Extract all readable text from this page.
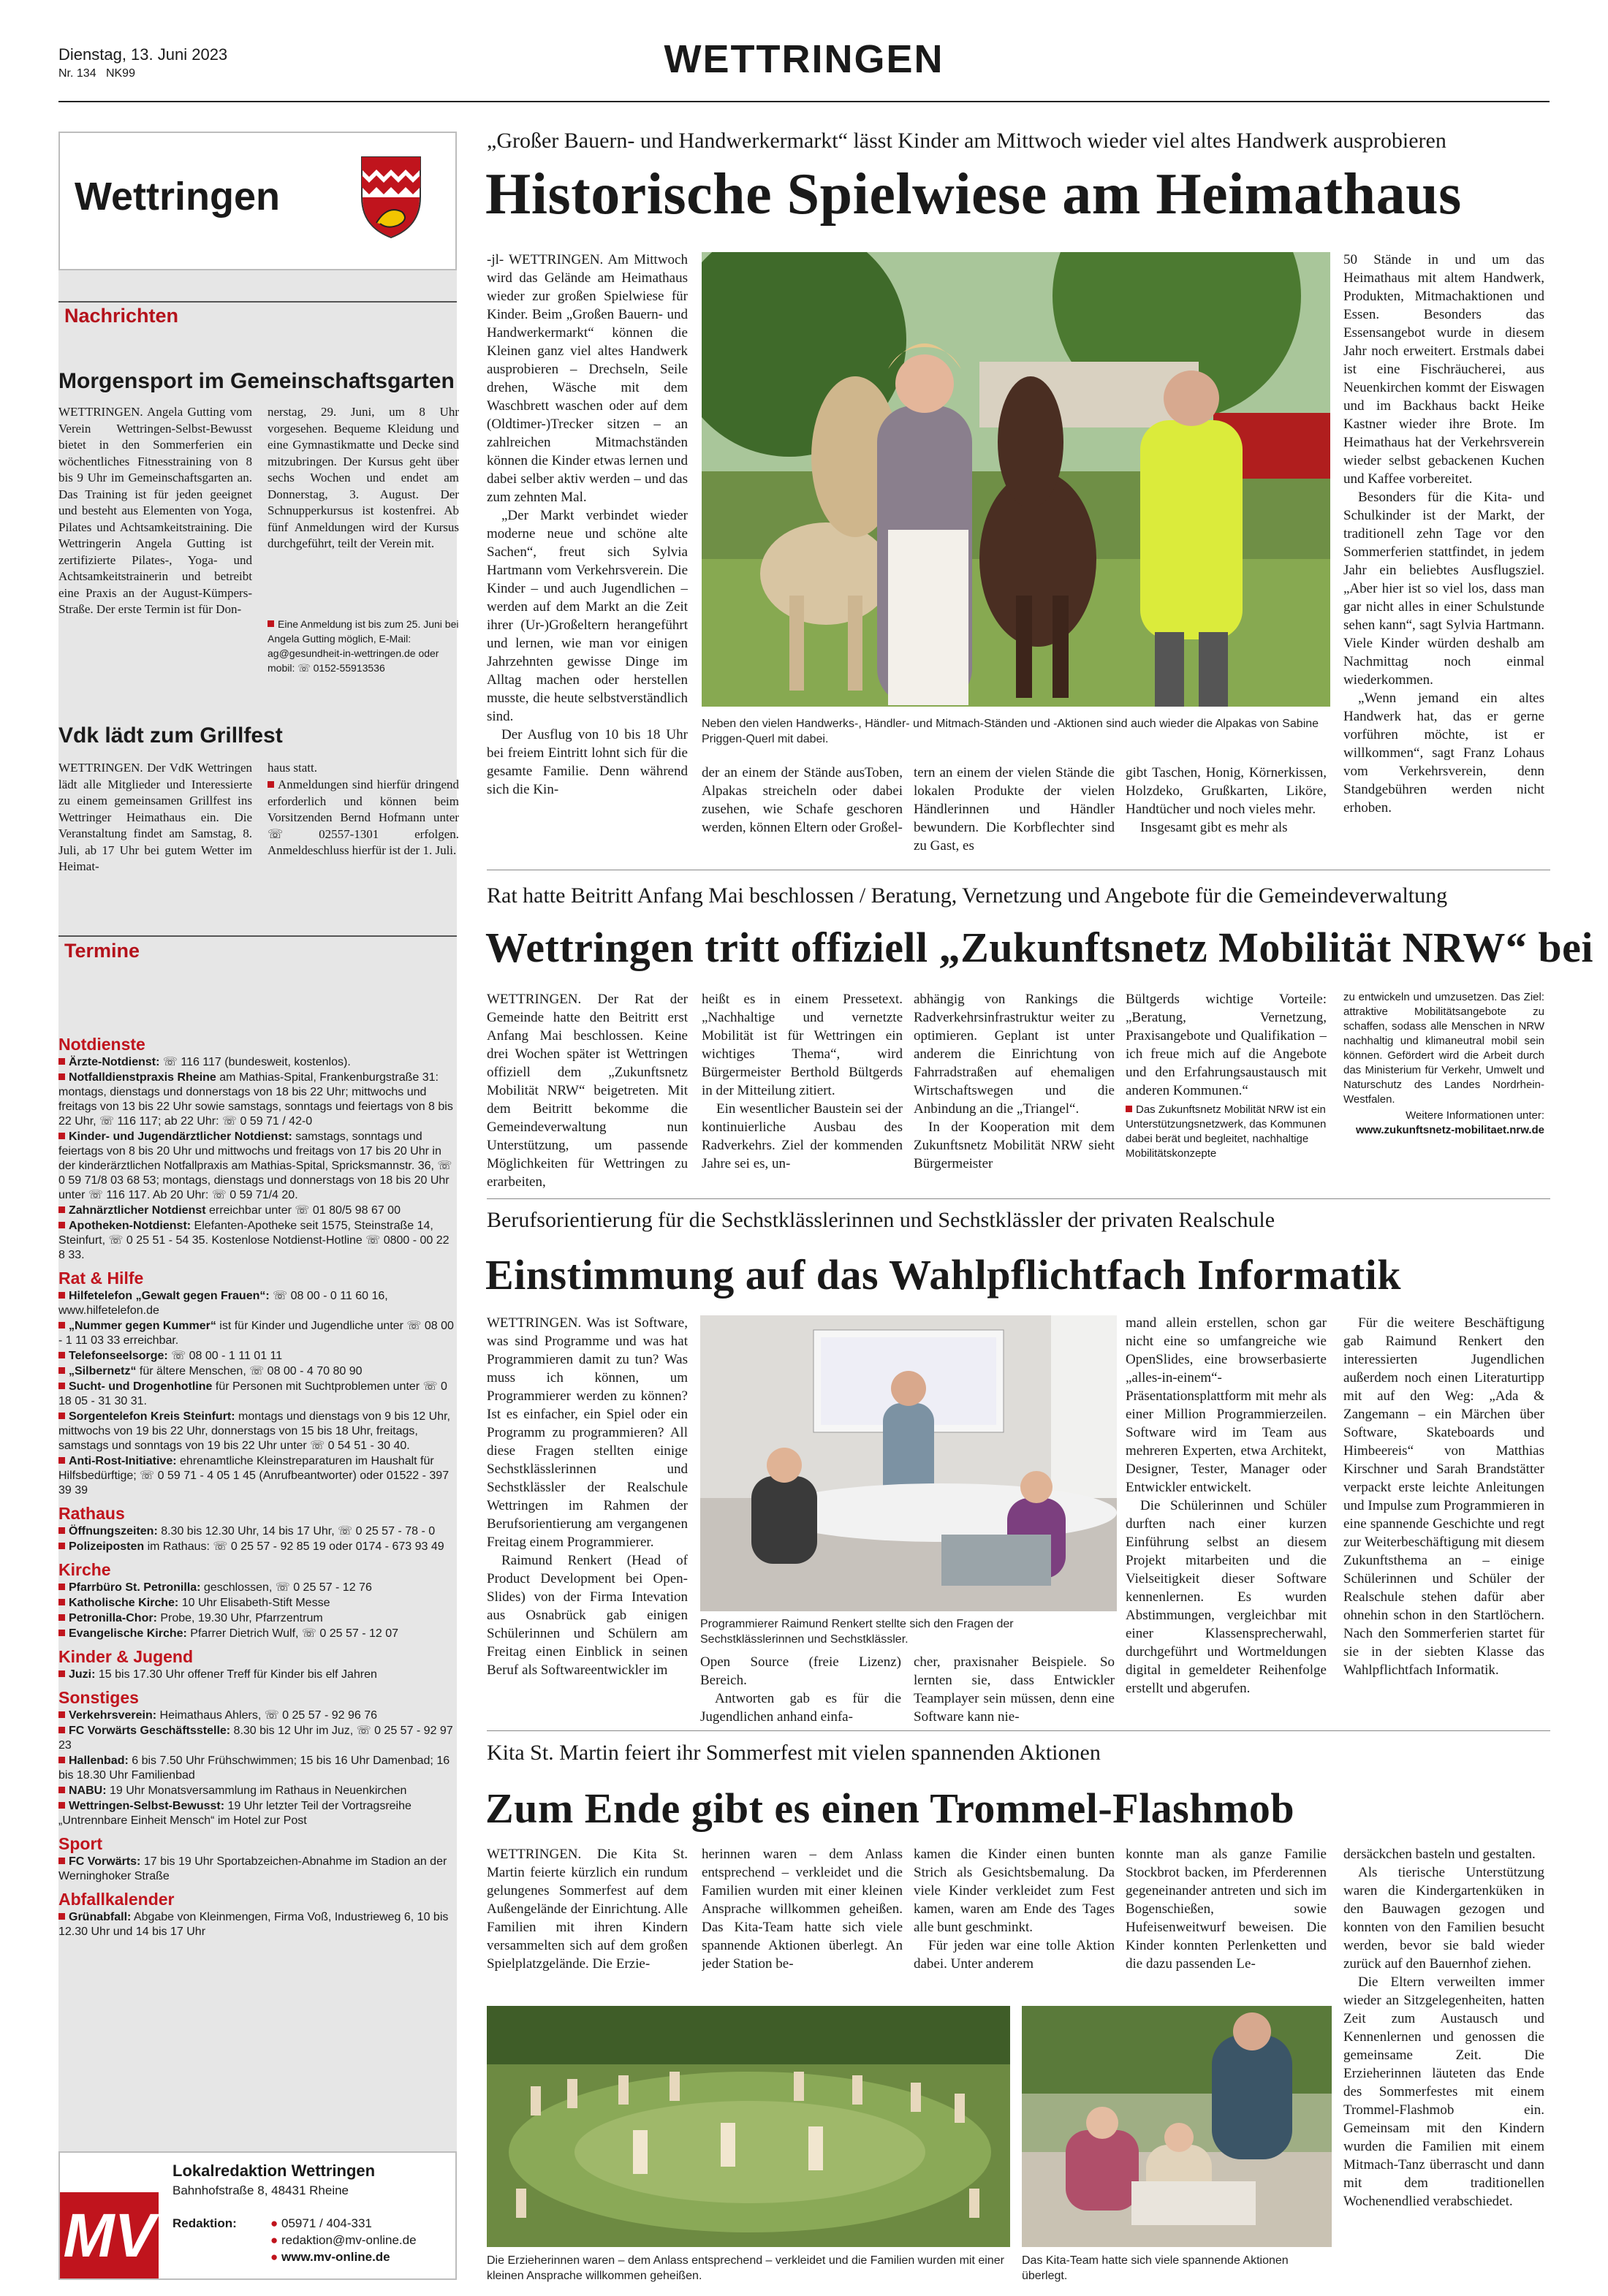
Dienstag, 13. Juni 2023
Nr. 134 NK99	WETTRINGEN
Wettringen
Nachrichten
Morgensport im Gemeinschaftsgarten
WETTRINGEN. Angela Gutting vom Verein Wettringen-Selbst-Bewusst bietet in den Sommerferien ein wöchentliches Fitnesstraining von 8 bis 9 Uhr im Gemeinschaftsgarten an. Das Training ist für jeden geeignet und besteht aus Elementen von Yoga, Pilates und Achtsamkeitstraining. Die Wettringerin Angela Gutting ist zertifizierte Pilates-, Yoga- und Achtsamkeitstrainerin und betreibt eine Praxis an der August-Kümpers-Straße. Der erste Termin ist für Don-
nerstag, 29. Juni, um 8 Uhr vorgesehen. Bequeme Kleidung und eine Gymnastikmatte und Decke sind mitzubringen. Der Kursus geht über sechs Wochen und endet am Donnerstag, 3. August. Der Schnupperkursus ist kostenfrei. Ab fünf Anmeldungen wird der Kursus durchgeführt, teilt der Verein mit.
Eine Anmeldung ist bis zum 25. Juni bei Angela Gutting möglich, E-Mail: ag@gesundheit-in-wettringen.de oder mobil: ☏ 0152-55913536
Vdk lädt zum Grillfest
WETTRINGEN. Der VdK Wettringen lädt alle Mitglieder und Interessierte zu einem gemeinsamen Grillfest ins Wettringer Heimathaus ein. Die Veranstaltung findet am Samstag, 8. Juli, ab 17 Uhr bei gutem Wetter im Heimat-
haus statt.
Anmeldungen sind hierfür dringend erforderlich und können beim Vorsitzenden Bernd Hofmann unter ☏ 02557-1301 erfolgen. Anmeldeschluss hierfür ist der 1. Juli.
Termine
Notdienste
Ärzte-Notdienst: ☏ 116 117 (bundesweit, kostenlos).
Notfalldienstpraxis Rheine am Mathias-Spital, Frankenburgstraße 31: montags, dienstags und donnerstags von 18 bis 22 Uhr; mittwochs und freitags von 13 bis 22 Uhr sowie samstags, sonntags und feiertags von 8 bis 22 Uhr, ☏ 116 117; ab 22 Uhr: ☏ 0 59 71 / 42-0
Kinder- und Jugendärztlicher Notdienst: samstags, sonntags und feiertags von 8 bis 20 Uhr und mittwochs und freitags von 17 bis 20 Uhr in der kinderärztlichen Notfallpraxis am Mathias-Spital, Spricksmannstr. 36, ☏ 0 59 71/8 03 68 53; montags, dienstags und donnerstags von 18 bis 20 Uhr unter ☏ 116 117. Ab 20 Uhr: ☏ 0 59 71/4 20.
Zahnärztlicher Notdienst erreichbar unter ☏ 01 80/5 98 67 00
Apotheken-Notdienst: Elefanten-Apotheke seit 1575, Steinstraße 14, Steinfurt, ☏ 0 25 51 - 54 35. Kostenlose Notdienst-Hotline ☏ 0800 - 00 22 8 33.
Rat & Hilfe
Hilfetelefon „Gewalt gegen Frauen“: ☏ 08 00 - 0 11 60 16, www.hilfetelefon.de
„Nummer gegen Kummer“ ist für Kinder und Jugendliche unter ☏ 08 00 - 1 11 03 33 erreichbar.
Telefonseelsorge: ☏ 08 00 - 1 11 01 11
„Silbernetz“ für ältere Menschen, ☏ 08 00 - 4 70 80 90
Sucht- und Drogenhotline für Personen mit Suchtproblemen unter ☏ 0 18 05 - 31 30 31.
Sorgentelefon Kreis Steinfurt: montags und dienstags von 9 bis 12 Uhr, mittwochs von 19 bis 22 Uhr, donnerstags von 15 bis 18 Uhr, freitags, samstags und sonntags von 19 bis 22 Uhr unter ☏ 0 54 51 - 30 40.
Anti-Rost-Initiative: ehrenamtliche Kleinstreparaturen im Haushalt für Hilfsbedürftige; ☏ 0 59 71 - 4 05 1 45 (Anrufbeantworter) oder 01522 - 397 39 39
Rathaus
Öffnungszeiten: 8.30 bis 12.30 Uhr, 14 bis 17 Uhr, ☏ 0 25 57 - 78 - 0
Polizeiposten im Rathaus: ☏ 0 25 57 - 92 85 19 oder 0174 - 673 93 49
Kirche
Pfarrbüro St. Petronilla: geschlossen, ☏ 0 25 57 - 12 76
Katholische Kirche: 10 Uhr Elisabeth-Stift Messe
Petronilla-Chor: Probe, 19.30 Uhr, Pfarrzentrum
Evangelische Kirche: Pfarrer Dietrich Wulf, ☏ 0 25 57 - 12 07
Kinder & Jugend
Juzi: 15 bis 17.30 Uhr offener Treff für Kinder bis elf Jahren
Sonstiges
Verkehrsverein: Heimathaus Ahlers, ☏ 0 25 57 - 92 96 76
FC Vorwärts Geschäftsstelle: 8.30 bis 12 Uhr im Juz, ☏ 0 25 57 - 92 97 23
Hallenbad: 6 bis 7.50 Uhr Frühschwimmen; 15 bis 16 Uhr Damenbad; 16 bis 18.30 Uhr Familienbad
NABU: 19 Uhr Monatsversammlung im Rathaus in Neuenkirchen
Wettringen-Selbst-Bewusst: 19 Uhr letzter Teil der Vortragsreihe „Untrennbare Einheit Mensch“ im Hotel zur Post
Sport
FC Vorwärts: 17 bis 19 Uhr Sportabzeichen-Abnahme im Stadion an der Werninghoker Straße
Abfallkalender
Grünabfall: Abgabe von Kleinmengen, Firma Voß, Industrieweg 6, 10 bis 12.30 Uhr und 14 bis 17 Uhr
MV
Lokalredaktion Wettringen
Bahnhofstraße 8, 48431 Rheine
Redaktion:	● 05971 / 404-331
● redaktion@mv-online.de
● www.mv-online.de
„Großer Bauern- und Handwerkermarkt“ lässt Kinder am Mittwoch wieder viel altes Handwerk ausprobieren
Historische Spielwiese am Heimathaus

-jl- WETTRINGEN. Am Mittwoch wird das Gelände am Heimathaus wieder zur großen Spielwiese für Kinder. Beim „Großen Bauern- und Handwerkermarkt“ können die Kleinen ganz viel altes Handwerk ausprobieren – Drechseln, Seile drehen, Wäsche mit dem Waschbrett waschen oder auf dem (Oldtimer-)Trecker sitzen – an zahlreichen Mitmachständen können die Kinder etwas lernen und dabei selber aktiv werden – und das zum zehnten Mal.

„Der Markt verbindet wieder moderne neue und schöne alte Sachen“, freut sich Sylvia Hartmann vom Verkehrsverein. Die Kinder – und auch Jugendlichen – werden auf dem Markt an die Zeit ihrer (Ur-)Großeltern herangeführt und lernen, wie man vor einigen Jahrzehnten gewisse Dinge im Alltag machen oder herstellen musste, die heute selbstverständlich sind.

Der Ausflug von 10 bis 18 Uhr bei freiem Eintritt lohnt sich für die gesamte Familie. Denn während sich die Kin-

Neben den vielen Handwerks-, Händler- und Mitmach-Ständen und -Aktionen sind auch wieder die Alpakas von Sabine Priggen-Querl mit dabei.
der an einem der Stände ausToben, Alpakas streicheln oder dabei zusehen, wie Schafe geschoren werden, können Eltern oder Großel-
tern an einem der vielen Stände die lokalen Produkte der vielen Händlerinnen und Händler bewundern. Die Korbflechter sind zu Gast, es

gibt Taschen, Honig, Körnerkissen, Holzdeko, Grußkarten, Liköre, Handtücher und noch vieles mehr.

Insgesamt gibt es mehr als

50 Stände in und um das Heimathaus mit altem Handwerk, Produkten, Mitmachaktionen und Essen. Besonders das Essensangebot wurde in diesem Jahr noch erweitert. Erstmals dabei ist eine Fischräucherei, aus Neuenkirchen kommt der Eiswagen und im Backhaus backt Heike Kastner wieder ihre Brote. Im Heimathaus hat der Verkehrsverein wieder selbst gebackenen Kuchen und Kaffee vorbereitet.

Besonders für die Kita- und Schulkinder ist der Markt, der traditionell zehn Tage vor den Sommerferien stattfindet, in jedem Jahr ein beliebtes Ausflugsziel. „Aber hier ist so viel los, dass man gar nicht alles in einer Schulstunde sehen kann“, sagt Sylvia Hartmann. Viele Kinder würden deshalb am Nachmittag noch einmal wiederkommen.

„Wenn jemand ein altes Handwerk hat, das er gerne vorführen möchte, ist er willkommen“, sagt Franz Lohaus vom Verkehrsverein, denn Standgebühren werden nicht erhoben.

Rat hatte Beitritt Anfang Mai beschlossen / Beratung, Vernetzung und Angebote für die Gemeindeverwaltung
Wettringen tritt offiziell „Zukunftsnetz Mobilität NRW“ bei
WETTRINGEN. Der Rat der Gemeinde hatte den Beitritt erst Anfang Mai beschlossen. Keine drei Wochen später ist Wettringen offiziell dem „Zukunftsnetz Mobilität NRW“ beigetreten. Mit dem Beitritt bekomme die Gemeindeverwaltung nun Unterstützung, um passende Möglichkeiten für Wettringen zu erarbeiten,

heißt es in einem Pressetext. „Nachhaltige und vernetzte Mobilität ist für Wettringen ein wichtiges Thema“, wird Bürgermeister Berthold Bültgerds in der Mitteilung zitiert.

Ein wesentlicher Baustein sei der kontinuierliche Ausbau des Radverkehrs. Ziel der kommenden Jahre sei es, un-

abhängig von Rankings die Radverkehrsinfrastruktur weiter zu optimieren. Geplant ist unter anderem die Einrichtung von Fahrradstraßen auf ehemaligen Wirtschaftswegen und die Anbindung an die „Triangel“.

In der Kooperation mit dem Zukunftsnetz Mobilität NRW sieht Bürgermeister

Bültgerds wichtige Vorteile: „Beratung, Vernetzung, Praxisangebote und Qualifikation – ich freue mich auf die Angebote und den Erfahrungsaustausch mit anderen Kommunen.“

Das Zukunftsnetz Mobilität NRW ist ein Unterstützungsnetzwerk, das Kommunen dabei berät und begleitet, nachhaltige Mobilitätskonzepte
zu entwickeln und umzusetzen. Das Ziel: attraktive Mobilitätsangebote zu schaffen, sodass alle Menschen in NRW nachhaltig und klimaneutral mobil sein können. Gefördert wird die Arbeit durch das Ministerium für Verkehr, Umwelt und Naturschutz des Landes Nordrhein-Westfalen.
Weitere Informationen unter:
www.zukunftsnetz-mobilitaet.nrw.de
Berufsorientierung für die Sechstklässlerinnen und Sechstklässler der privaten Realschule
Einstimmung auf das Wahlpflichtfach Informatik

WETTRINGEN. Was ist Software, was sind Programme und was hat Programmieren damit zu tun? Was muss ich können, um Programmierer werden zu können? Ist es einfacher, ein Spiel oder ein Programm zu programmieren? All diese Fragen stellten einige Sechstklässlerinnen und Sechstklässler der Realschule Wettringen im Rahmen der Berufsorientierung am vergangenen Freitag einem Programmierer.

Raimund Renkert (Head of Product Development bei Open-Slides) von der Firma Intevation aus Osnabrück gab einigen Schülerinnen und Schülern am Freitag einen Einblick in seinen Beruf als Softwareentwickler im

Programmierer Raimund Renkert stellte sich den Fragen der Sechstklässlerinnen und Sechstklässler.

Open Source (freie Lizenz) Bereich.

Antworten gab es für die Jugendlichen anhand einfa-

cher, praxisnaher Beispiele. So lernten sie, dass Entwickler Teamplayer sein müssen, denn eine Software kann nie-

mand allein erstellen, schon gar nicht eine so umfangreiche wie OpenSlides, eine browserbasierte „alles-in-einem“-Präsentationsplattform mit mehr als einer Million Programmierzeilen. Software wird im Team aus mehreren Experten, etwa Architekt, Designer, Tester, Manager oder Entwickler entwickelt.

Die Schülerinnen und Schüler durften nach einer kurzen Einführung selbst an diesem Projekt mitarbeiten und die Vielseitigkeit dieser Software kennenlernen. Es wurden Abstimmungen, vergleichbar mit einer Klassensprecherwahl, durchgeführt und Wortmeldungen digital in gemeldeter Reihenfolge erstellt und abgerufen.

Für die weitere Beschäftigung gab Raimund Renkert den interessierten Jugendlichen außerdem noch einen Literaturtipp mit auf den Weg: „Ada & Zangemann – ein Märchen über Software, Skateboards und Himbeereis“ von Matthias Kirschner und Sarah Brandstätter verpackt erste leichte Anleitungen und Impulse zum Programmieren in eine spannende Geschichte und regt zur Weiterbeschäftigung mit diesem Zukunftsthema an – einige Schülerinnen und Schüler der Realschule stehen dafür aber ohnehin schon in den Startlöchern. Nach den Sommerferien startet für sie in der siebten Klasse das Wahlpflichtfach Informatik.

Kita St. Martin feiert ihr Sommerfest mit vielen spannenden Aktionen
Zum Ende gibt es einen Trommel-Flashmob
WETTRINGEN. Die Kita St. Martin feierte kürzlich ein rundum gelungenes Sommerfest auf dem Außengelände der Einrichtung. Alle Familien mit ihren Kindern versammelten sich auf dem großen Spielplatzgelände. Die Erzie-
herinnen waren – dem Anlass entsprechend – verkleidet und die Familien wurden mit einer kleinen Ansprache willkommen geheißen. Das Kita-Team hatte sich viele spannende Aktionen überlegt. An jeder Station be-

kamen die Kinder einen bunten Strich als Gesichtsbemalung. Da viele Kinder verkleidet zum Fest kamen, waren am Ende des Tages alle bunt geschminkt.

Für jeden war eine tolle Aktion dabei. Unter anderem

konnte man als ganze Familie Stockbrot backen, im Pferderennen gegeneinander antreten und sich im Bogenschießen, sowie Hufeisenweitwurf beweisen. Die Kinder konnten Perlenketten und die dazu passenden Le-

dersäckchen basteln und gestalten.

Als tierische Unterstützung waren die Kindergartenküken in den Bauwagen gezogen und konnten von den Familien besucht werden, bevor sie bald wieder zurück auf den Bauernhof ziehen.

Die Eltern verweilten immer wieder an Sitzgelegenheiten, hatten Zeit zum Austausch und Kennenlernen und genossen die gemeinsame Zeit. Die Erzieherinnen läuteten das Ende des Sommerfestes mit einem Trommel-Flashmob ein. Gemeinsam mit den Kindern wurden die Familien mit einem Mitmach-Tanz überrascht und dann mit dem traditionellen Wochenendlied verabschiedet.

Die Erzieherinnen waren – dem Anlass entsprechend – verkleidet und die Familien wurden mit einer kleinen Ansprache willkommen geheißen.
Das Kita-Team hatte sich viele spannende Aktionen überlegt.
